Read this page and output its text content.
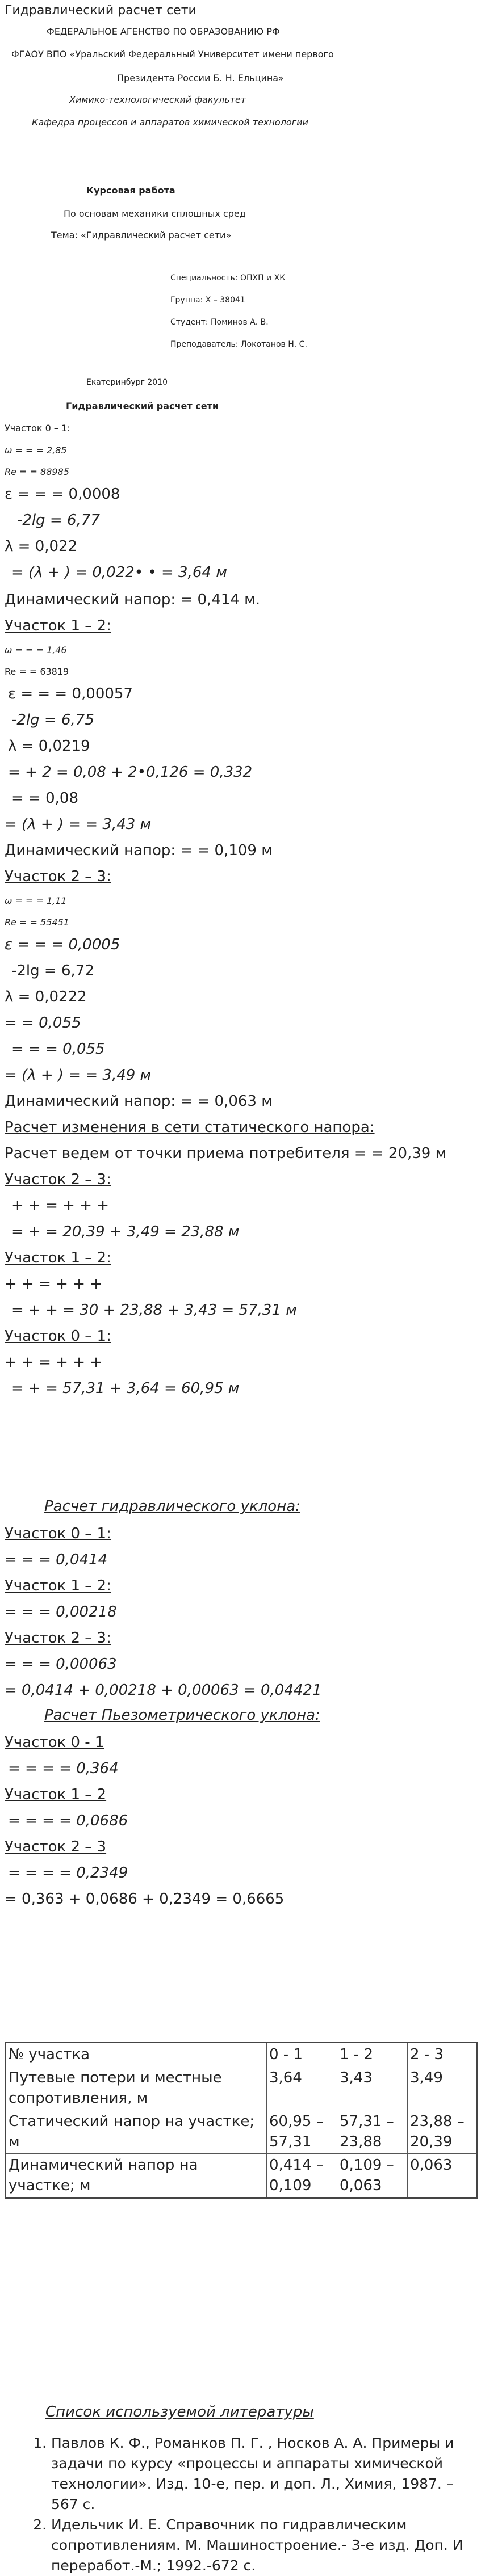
Гидравлический расчет сети
ФЕДЕРАЛЬНОЕ АГЕНСТВО ПО ОБРАЗОВАНИЮ РФ
ФГАОУ ВПО «Уральский Федеральный Университет имени первого
Президента России Б. Н. Ельцина»
Химико-технологический факультет
Кафедра процессов и аппаратов химической технологии
Курсовая работа
По основам механики сплошных сред
Тема: «Гидравлический расчет сети»
Специальность: ОПХП и ХК
Группа: Х – 38041
Студент: Поминов А. В.
Преподаватель: Локотанов Н. С.
Екатеринбург 2010
Гидравлический расчет сети
Участок 0 – 1:
ω = = = 2,85
Re = = 88985
ε = = = 0,0008
-2lg = 6,77
λ = 0,022
= (λ + ) = 0,022• • = 3,64 м
Динамический напор: = 0,414 м.
Участок 1 – 2:
ω = = = 1,46
Re = = 63819
ε = = = 0,00057
-2lg = 6,75
λ = 0,0219
= + 2 = 0,08 + 2•0,126 = 0,332
= = 0,08
= (λ + ) = = 3,43 м
Динамический напор: = = 0,109 м
Участок 2 – 3:
ω = = = 1,11
Re = = 55451
ε = = = 0,0005
-2lg = 6,72
λ = 0,0222
= = 0,055
= = = 0,055
= (λ + ) = = 3,49 м
Динамический напор: = = 0,063 м
Расчет изменения в сети статического напора:
Расчет ведем от точки приема потребителя = = 20,39 м
Участок 2 – 3:
+ + = + + +
= + = 20,39 + 3,49 = 23,88 м
Участок 1 – 2:
+ + = + + +
= + + = 30 + 23,88 + 3,43 = 57,31 м
Участок 0 – 1:
+ + = + + +
= + = 57,31 + 3,64 = 60,95 м
Расчет гидравлического уклона:
Участок 0 – 1:
= = = 0,0414
Участок 1 – 2:
= = = 0,00218
Участок 2 – 3:
= = = 0,00063
= 0,0414 + 0,00218 + 0,00063 = 0,04421
Расчет Пьезометрического уклона:
Участок 0 - 1
= = = = 0,364
Участок 1 – 2
= = = = 0,0686
Участок 2 – 3
= = = = 0,2349
= 0,363 + 0,0686 + 0,2349 = 0,6665
№ участка	0 - 1	1 - 2	2 - 3
Путевые потери и местные сопротивления, м	3,64	3,43	3,49
Статический напор на участке; м	60,95 – 57,31	57,31 – 23,88	23,88 – 20,39
Динамический напор на участке; м	0,414 – 0,109	0,109 – 0,063	0,063
Список используемой литературы
1. Павлов К. Ф., Романков П. Г. , Носков А. А. Примеры и задачи по курсу «процессы и аппараты химической технологии». Изд. 10-е, пер. и доп. Л., Химия, 1987. – 567 с.
2. Идельчик И. Е. Справочник по гидравлическим сопротивлениям. М. Машиностроение.- 3-е изд. Доп. И переработ.-М.; 1992.-672 с.
